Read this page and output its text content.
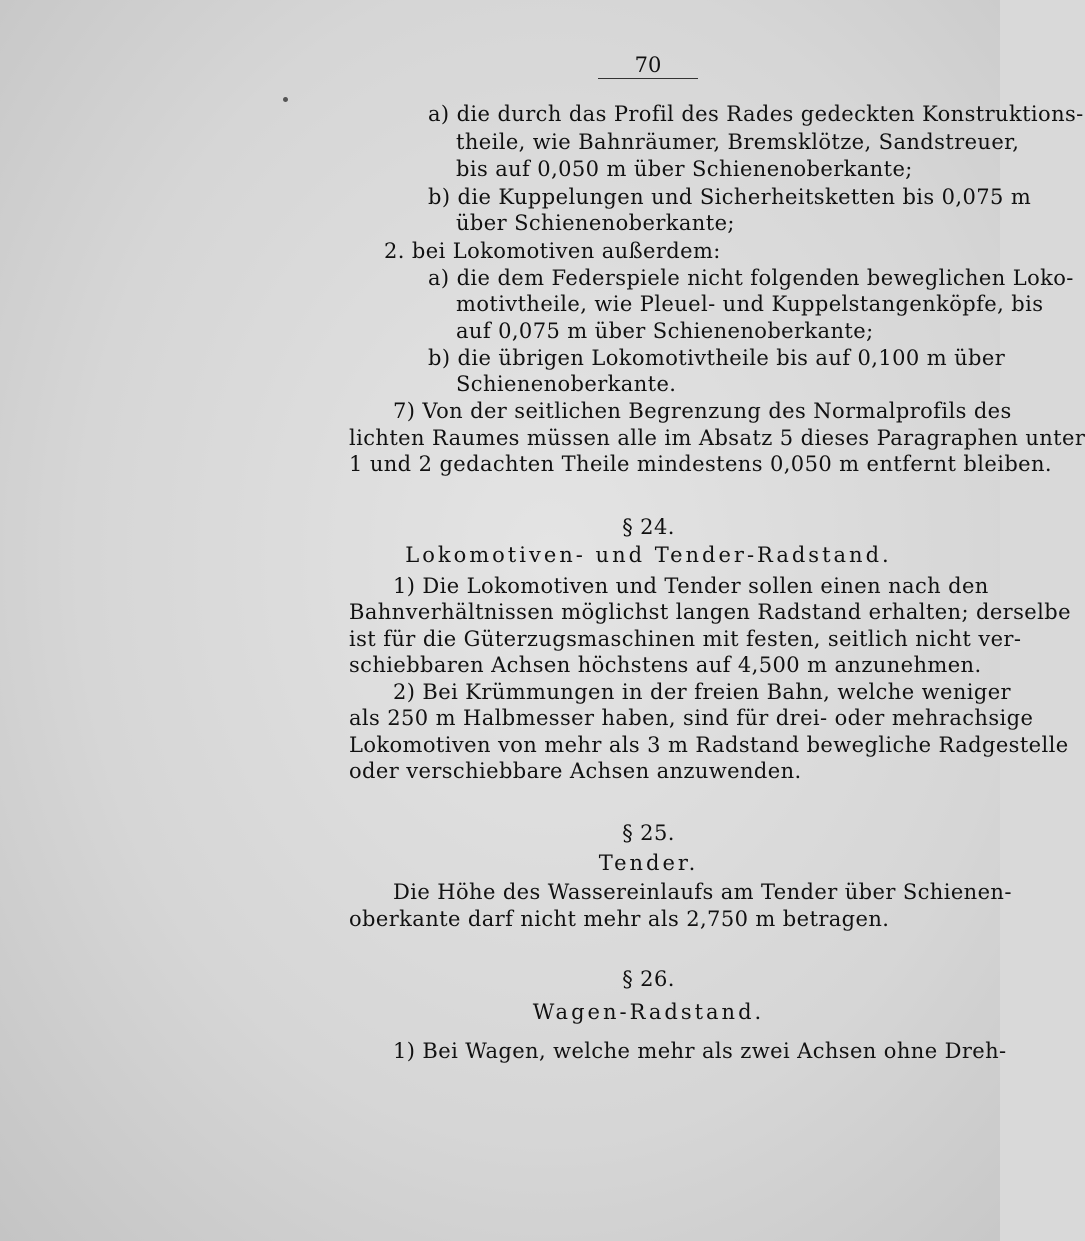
70
a) die durch das Profil des Rades gedeckten Konstruktions-
theile, wie Bahnräumer, Bremsklötze, Sandstreuer,
bis auf 0,050 m über Schienenoberkante;
b) die Kuppelungen und Sicherheitsketten bis 0,075 m
über Schienenoberkante;
2. bei Lokomotiven außerdem:
a) die dem Federspiele nicht folgenden beweglichen Loko-
motivtheile, wie Pleuel- und Kuppelstangenköpfe, bis
auf 0,075 m über Schienenoberkante;
b) die übrigen Lokomotivtheile bis auf 0,100 m über
Schienenoberkante.
7) Von der seitlichen Begrenzung des Normalprofils des
lichten Raumes müssen alle im Absatz 5 dieses Paragraphen unter
1 und 2 gedachten Theile mindestens 0,050 m entfernt bleiben.
§ 24.
Lokomotiven- und Tender-Radstand.
1) Die Lokomotiven und Tender sollen einen nach den
Bahnverhältnissen möglichst langen Radstand erhalten; derselbe
ist für die Güterzugsmaschinen mit festen, seitlich nicht ver-
schiebbaren Achsen höchstens auf 4,500 m anzunehmen.
2) Bei Krümmungen in der freien Bahn, welche weniger
als 250 m Halbmesser haben, sind für drei- oder mehrachsige
Lokomotiven von mehr als 3 m Radstand bewegliche Radgestelle
oder verschiebbare Achsen anzuwenden.
§ 25.
Tender.
Die Höhe des Wassereinlaufs am Tender über Schienen-
oberkante darf nicht mehr als 2,750 m betragen.
§ 26.
Wagen-Radstand.
1) Bei Wagen, welche mehr als zwei Achsen ohne Dreh-
